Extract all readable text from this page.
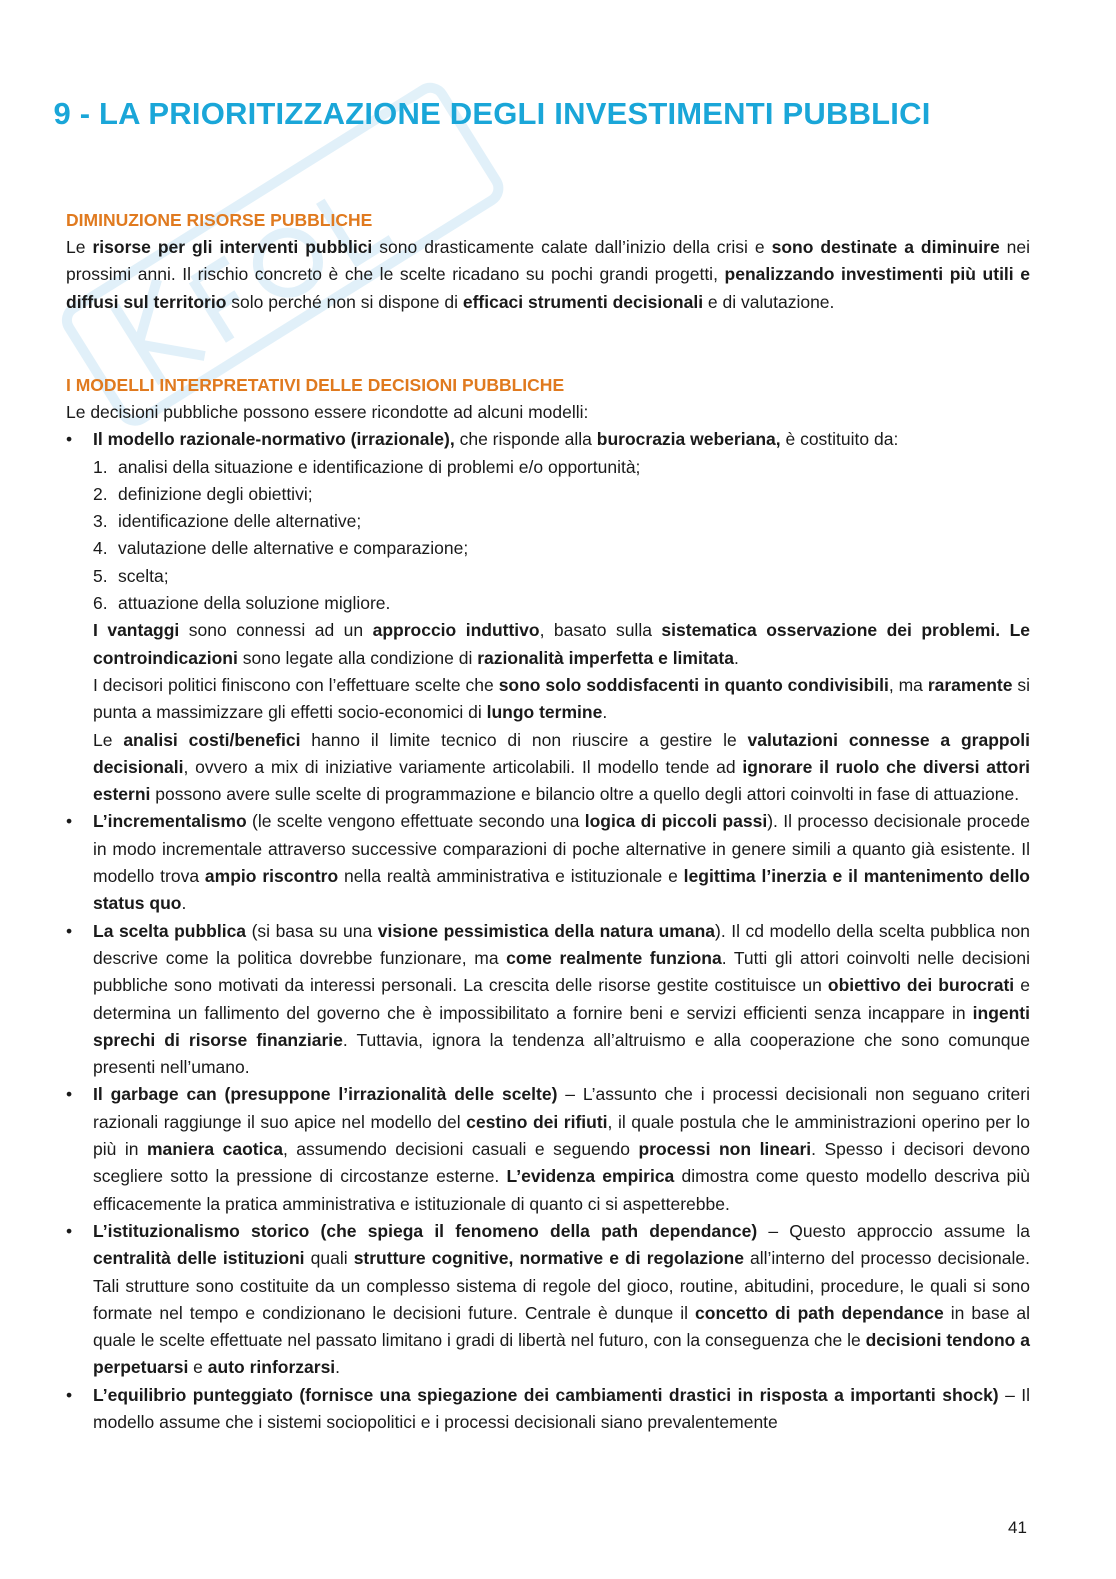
9 - LA PRIORITIZZAZIONE DEGLI INVESTIMENTI PUBBLICI

DIMINUZIONE RISORSE PUBBLICHE

Le risorse per gli interventi pubblici sono drasticamente calate dall’inizio della crisi e sono destinate a diminuire nei prossimi anni. Il rischio concreto è che le scelte ricadano su pochi grandi progetti, penalizzando investimenti più utili e diffusi sul territorio solo perché non si dispone di efficaci strumenti decisionali e di valutazione.

I MODELLI INTERPRETATIVI DELLE DECISIONI PUBBLICHE

Le decisioni pubbliche possono essere ricondotte ad alcuni modelli:

• Il modello razionale-normativo (irrazionale), che risponde alla burocrazia weberiana, è costituito da:
1. analisi della situazione e identificazione di problemi e/o opportunità;
2. definizione degli obiettivi;
3. identificazione delle alternative;
4. valutazione delle alternative e comparazione;
5. scelta;
6. attuazione della soluzione migliore.

I vantaggi sono connessi ad un approccio induttivo, basato sulla sistematica osservazione dei problemi. Le controindicazioni sono legate alla condizione di razionalità imperfetta e limitata.

I decisori politici finiscono con l’effettuare scelte che sono solo soddisfacenti in quanto condivisibili, ma raramente si punta a massimizzare gli effetti socio-economici di lungo termine.

Le analisi costi/benefici hanno il limite tecnico di non riuscire a gestire le valutazioni connesse a grappoli decisionali, ovvero a mix di iniziative variamente articolabili. Il modello tende ad ignorare il ruolo che diversi attori esterni possono avere sulle scelte di programmazione e bilancio oltre a quello degli attori coinvolti in fase di attuazione.

• L’incrementalismo (le scelte vengono effettuate secondo una logica di piccoli passi). Il processo decisionale procede in modo incrementale attraverso successive comparazioni di poche alternative in genere simili a quanto già esistente. Il modello trova ampio riscontro nella realtà amministrativa e istituzionale e legittima l’inerzia e il mantenimento dello status quo.
• La scelta pubblica (si basa su una visione pessimistica della natura umana). Il cd modello della scelta pubblica non descrive come la politica dovrebbe funzionare, ma come realmente funziona. Tutti gli attori coinvolti nelle decisioni pubbliche sono motivati da interessi personali. La crescita delle risorse gestite costituisce un obiettivo dei burocrati e determina un fallimento del governo che è impossibilitato a fornire beni e servizi efficienti senza incappare in ingenti sprechi di risorse finanziarie. Tuttavia, ignora la tendenza all’altruismo e alla cooperazione che sono comunque presenti nell’umano.
• Il garbage can (presuppone l’irrazionalità delle scelte) – L’assunto che i processi decisionali non seguano criteri razionali raggiunge il suo apice nel modello del cestino dei rifiuti, il quale postula che le amministrazioni operino per lo più in maniera caotica, assumendo decisioni casuali e seguendo processi non lineari. Spesso i decisori devono scegliere sotto la pressione di circostanze esterne. L’evidenza empirica dimostra come questo modello descriva più efficacemente la pratica amministrativa e istituzionale di quanto ci si aspetterebbe.
• L’istituzionalismo storico (che spiega il fenomeno della path dependance) – Questo approccio assume la centralità delle istituzioni quali strutture cognitive, normative e di regolazione all’interno del processo decisionale. Tali strutture sono costituite da un complesso sistema di regole del gioco, routine, abitudini, procedure, le quali si sono formate nel tempo e condizionano le decisioni future. Centrale è dunque il concetto di path dependance in base al quale le scelte effettuate nel passato limitano i gradi di libertà nel futuro, con la conseguenza che le decisioni tendono a perpetuarsi e auto rinforzarsi.
• L’equilibrio punteggiato (fornisce una spiegazione dei cambiamenti drastici in risposta a importanti shock) – Il modello assume che i sistemi sociopolitici e i processi decisionali siano prevalentemente
41
